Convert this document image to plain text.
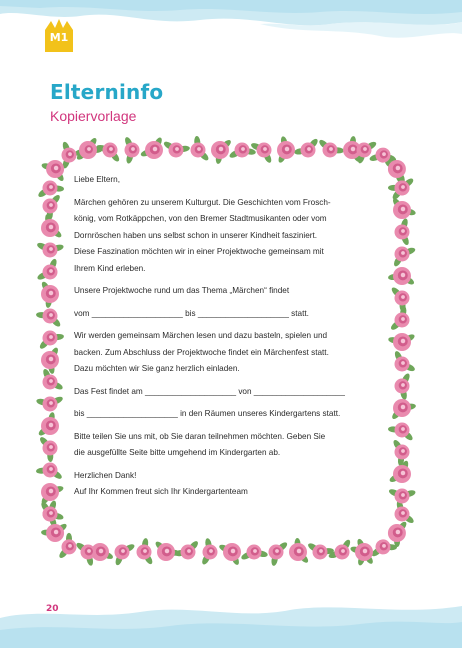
M1
Elterninfo
Kopiervorlage

Liebe Eltern,

Märchen gehören zu unserem Kulturgut. Die Geschichten vom Frosch-
könig, vom Rotkäppchen, von den Bremer Stadtmusikanten oder vom
Dornröschen haben uns selbst schon in unserer Kindheit fasziniert.
Diese Faszination möchten wir in einer Projektwoche gemeinsam mit
Ihrem Kind erleben.

Unsere Projektwoche rund um das Thema „Märchen“ findet

vom ____________________ bis ____________________ statt.

Wir werden gemeinsam Märchen lesen und dazu basteln, spielen und
backen. Zum Abschluss der Projektwoche findet ein Märchenfest statt.
Dazu möchten wir Sie ganz herzlich einladen.

Das Fest findet am ____________________ von ____________________

bis ____________________ in den Räumen unseres Kindergartens statt.

Bitte teilen Sie uns mit, ob Sie daran teilnehmen möchten. Geben Sie
die ausgefüllte Seite bitte umgehend im Kindergarten ab.

Herzlichen Dank!

Auf Ihr Kommen freut sich Ihr Kindergartenteam

20
